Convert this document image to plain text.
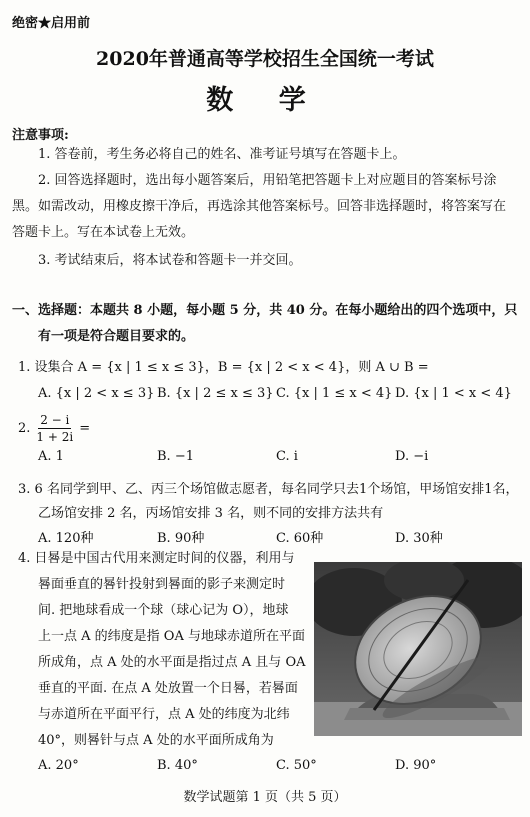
绝密★启用前
2020年普通高等学校招生全国统一考试
数 学
注意事项:
1. 答卷前，考生务必将自己的姓名、准考证号填写在答题卡上。
2. 回答选择题时，选出每小题答案后，用铅笔把答题卡上对应题目的答案标号涂
黑。如需改动，用橡皮擦干净后，再选涂其他答案标号。回答非选择题时，将答案写在
答题卡上。写在本试卷上无效。
3. 考试结束后，将本试卷和答题卡一并交回。
一、选择题：本题共 8 小题，每小题 5 分，共 40 分。在每小题给出的四个选项中，只
有一项是符合题目要求的。
1. 设集合 A = {x | 1 ≤ x ≤ 3}，B = {x | 2 < x < 4}，则 A ∪ B =
A. {x | 2 < x ≤ 3} B. {x | 2 ≤ x ≤ 3} C. {x | 1 ≤ x < 4} D. {x | 1 < x < 4}
2. $\frac{2 - i}{1 + 2i}$ =
A. 1	B. −1	C. i	D. −i
3. 6 名同学到甲、乙、丙三个场馆做志愿者，每名同学只去1个场馆，甲场馆安排1名，
乙场馆安排 2 名，丙场馆安排 3 名，则不同的安排方法共有
A. 120种	B. 90种	C. 60种	D. 30种
4. 日晷是中国古代用来测定时间的仪器，利用与
晷面垂直的晷针投射到晷面的影子来测定时
间. 把地球看成一个球（球心记为 O），地球
上一点 A 的纬度是指 OA 与地球赤道所在平面
所成角，点 A 处的水平面是指过点 A 且与 OA
垂直的平面. 在点 A 处放置一个日晷，若晷面
与赤道所在平面平行，点 A 处的纬度为北纬
40°，则晷针与点 A 处的水平面所成角为
A. 20°	B. 40°	C. 50°	D. 90°
数学试题第 1 页（共 5 页）
